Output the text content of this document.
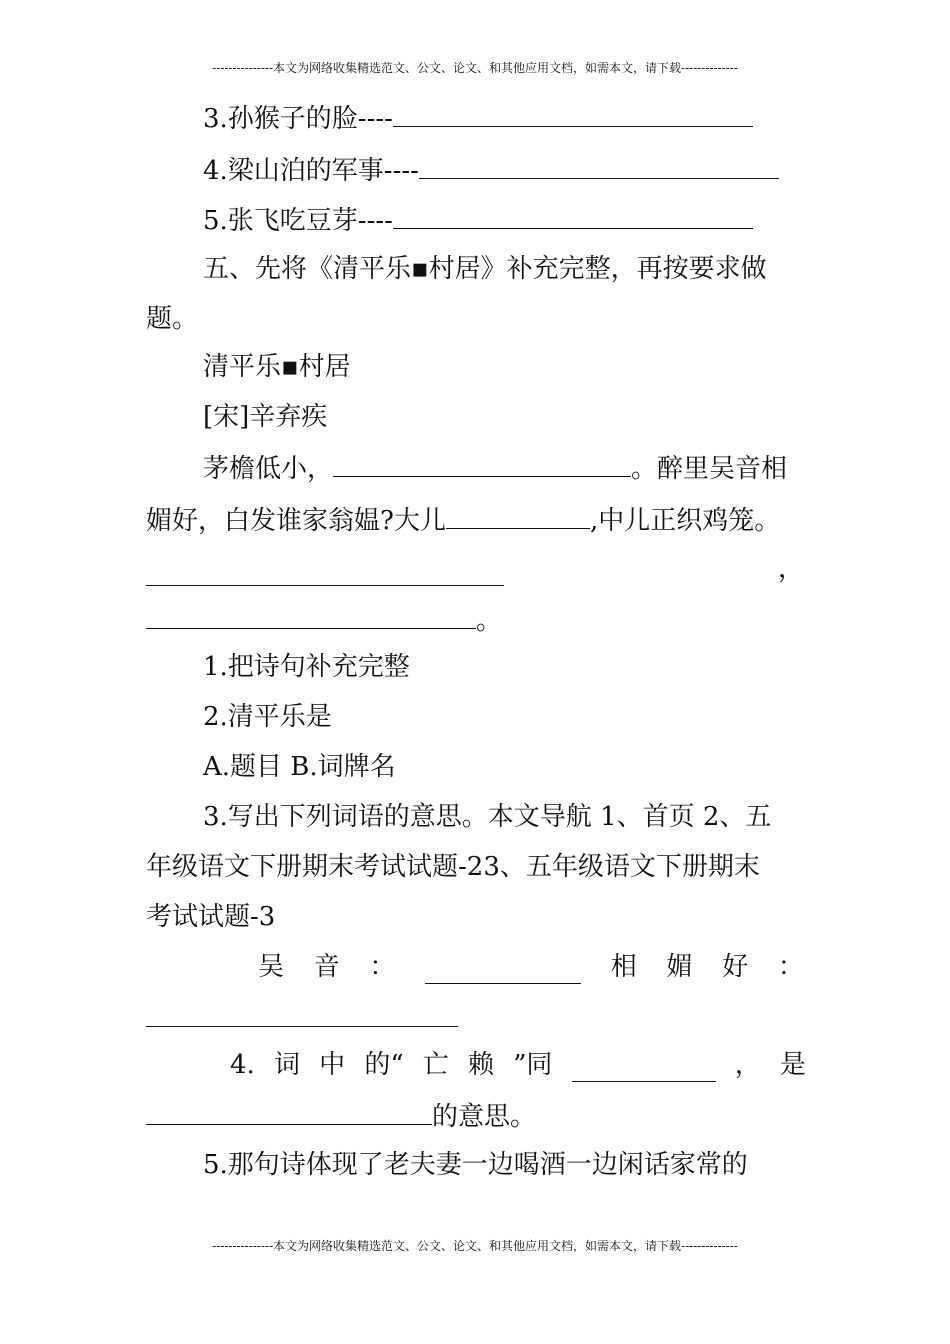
---------------本文为网络收集精选范文、公文、论文、和其他应用文档，如需本文，请下载--------------
3.孙猴子的脸----
4.梁山泊的军事----
5.张飞吃豆芽----
五、先将《清平乐▪村居》补充完整，再按要求做
题。
清平乐▪村居
[宋]辛弃疾
茅檐低小，	。醉里吴音相
媚好，白发谁家翁媪?大儿	,中儿正织鸡笼。
，
。
1.把诗句补充完整
2.清平乐是
A.题目 B.词牌名
3.写出下列词语的意思。本文导航 1、首页 2、五
年级语文下册期末考试试题-23、五年级语文下册期末
考试试题-3
吴 音 ：	相 媚 好 ：
4. 词 中 的“ 亡 赖 ”同	， 是
的意思。
5.那句诗体现了老夫妻一边喝酒一边闲话家常的
---------------本文为网络收集精选范文、公文、论文、和其他应用文档，如需本文，请下载--------------
